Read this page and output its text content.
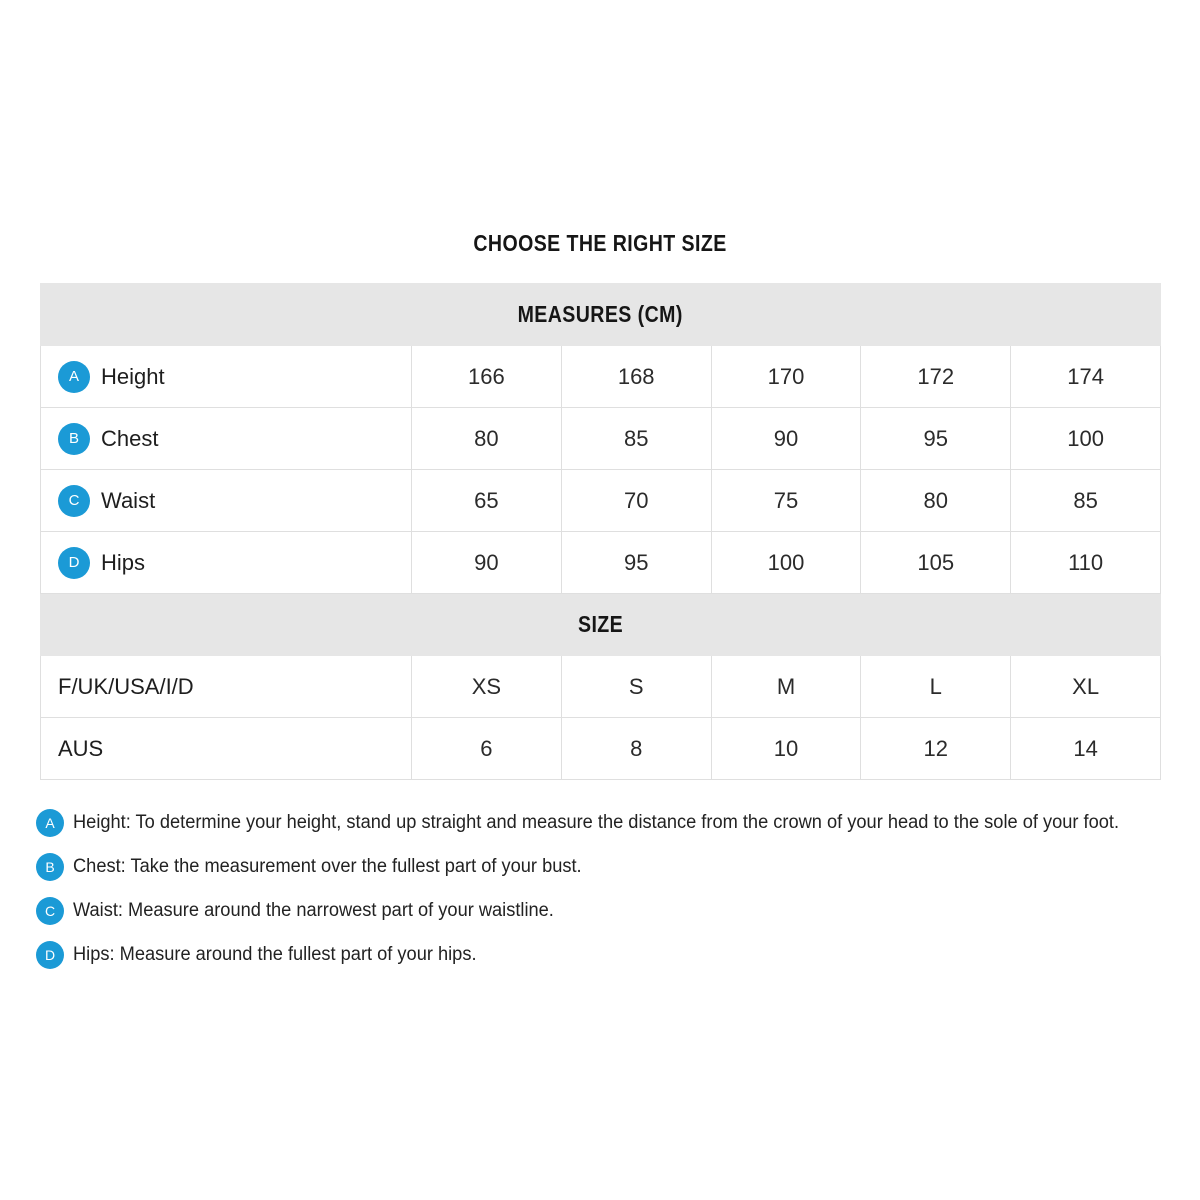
CHOOSE THE RIGHT SIZE
MEASURES (CM)					

A Height	166	168	170	172	174

B Chest	80	85	90	95	100

C Waist	65	70	75	80	85

D Hips	90	95	100	105	110
SIZE					

F/UK/USA/I/D	XS	S	M	L	XL

AUS	6	8	10	12	14
A Height: To determine your height, stand up straight and measure the distance from the crown of your head to the sole of your foot.
B Chest: Take the measurement over the fullest part of your bust.
C Waist: Measure around the narrowest part of your waistline.
D Hips: Measure around the fullest part of your hips.
